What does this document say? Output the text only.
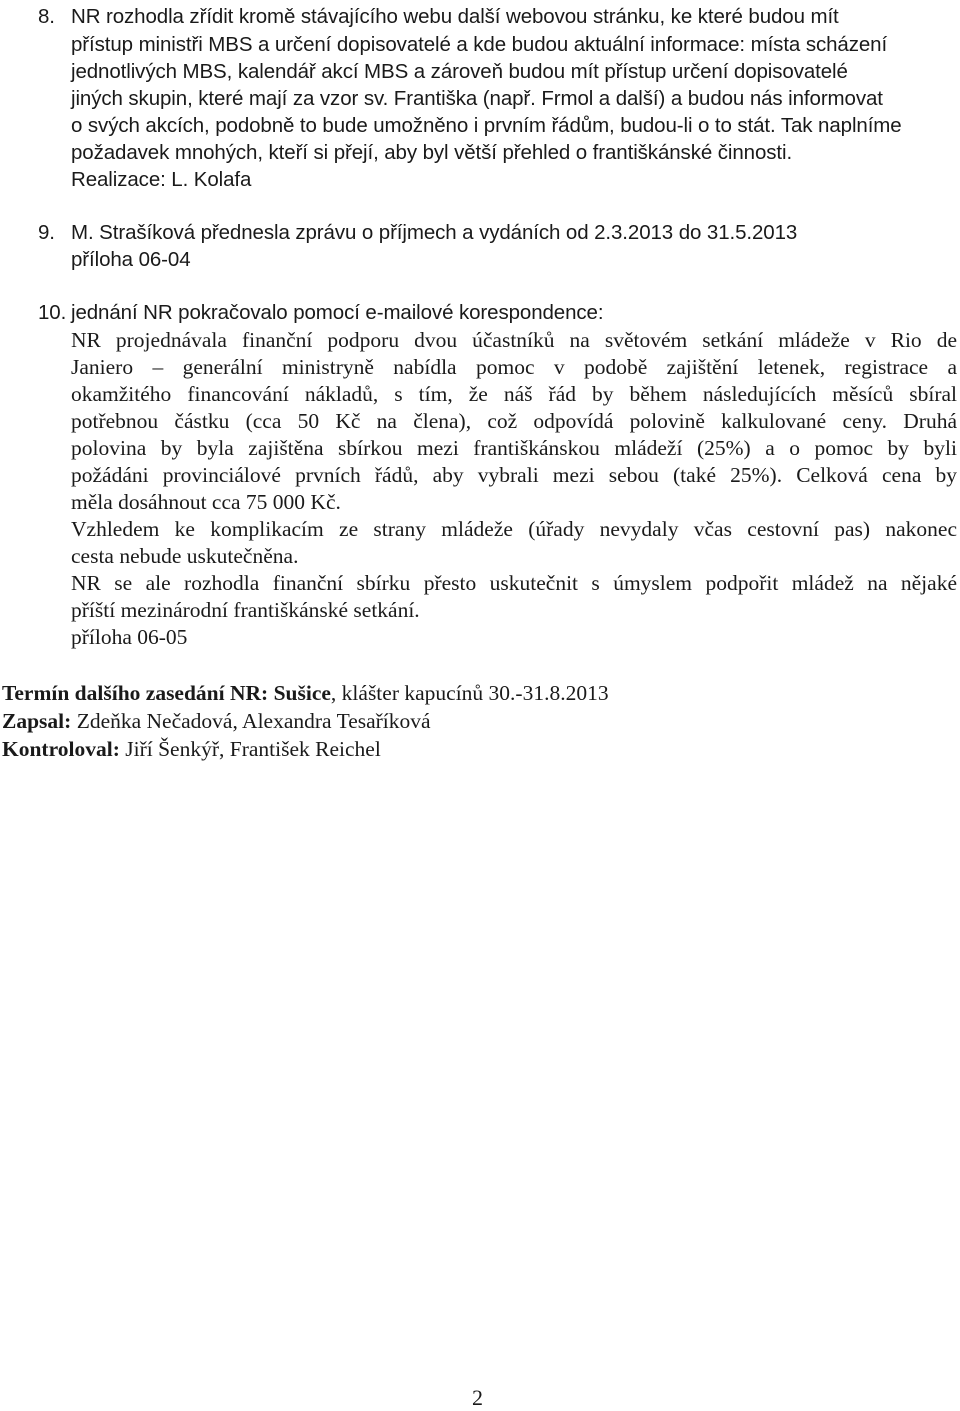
8. NR rozhodla zřídit kromě stávajícího webu další webovou stránku, ke které budou mít
přístup ministři MBS a určení dopisovatelé a kde budou aktuální informace: místa scházení
jednotlivých MBS, kalendář akcí MBS a zároveň budou mít přístup určení dopisovatelé
jiných skupin, které mají za vzor sv. Františka (např. Frmol a další) a budou nás informovat
o svých akcích, podobně to bude umožněno i prvním řádům, budou-li o to stát. Tak naplníme
požadavek mnohých, kteří si přejí, aby byl větší přehled o františkánské činnosti.
Realizace: L. Kolafa
9. M. Strašíková přednesla zprávu o příjmech a vydáních od 2.3.2013 do 31.5.2013
příloha 06-04
10. jednání NR pokračovalo pomocí e-mailové korespondence:
NR projednávala finanční podporu dvou účastníků na světovém setkání mládeže v Rio de
Janiero – generální ministryně nabídla pomoc v podobě zajištění letenek, registrace a
okamžitého financování nákladů, s tím, že náš řád by během následujících měsíců sbíral
potřebnou částku (cca 50 Kč na člena), což odpovídá polovině kalkulované ceny. Druhá
polovina by byla zajištěna sbírkou mezi františkánskou mládeží (25%) a o pomoc by byli
požádáni provinciálové prvních řádů, aby vybrali mezi sebou (také 25%). Celková cena by
měla dosáhnout cca 75 000 Kč.
Vzhledem ke komplikacím ze strany mládeže (úřady nevydaly včas cestovní pas) nakonec
cesta nebude uskutečněna.
NR se ale rozhodla finanční sbírku přesto uskutečnit s úmyslem podpořit mládež na nějaké
příští mezinárodní františkánské setkání.
příloha 06-05
Termín dalšího zasedání NR: Sušice, klášter kapucínů 30.-31.8.2013
Zapsal: Zdeňka Nečadová, Alexandra Tesaříková
Kontroloval: Jiří Šenkýř, František Reichel
2
